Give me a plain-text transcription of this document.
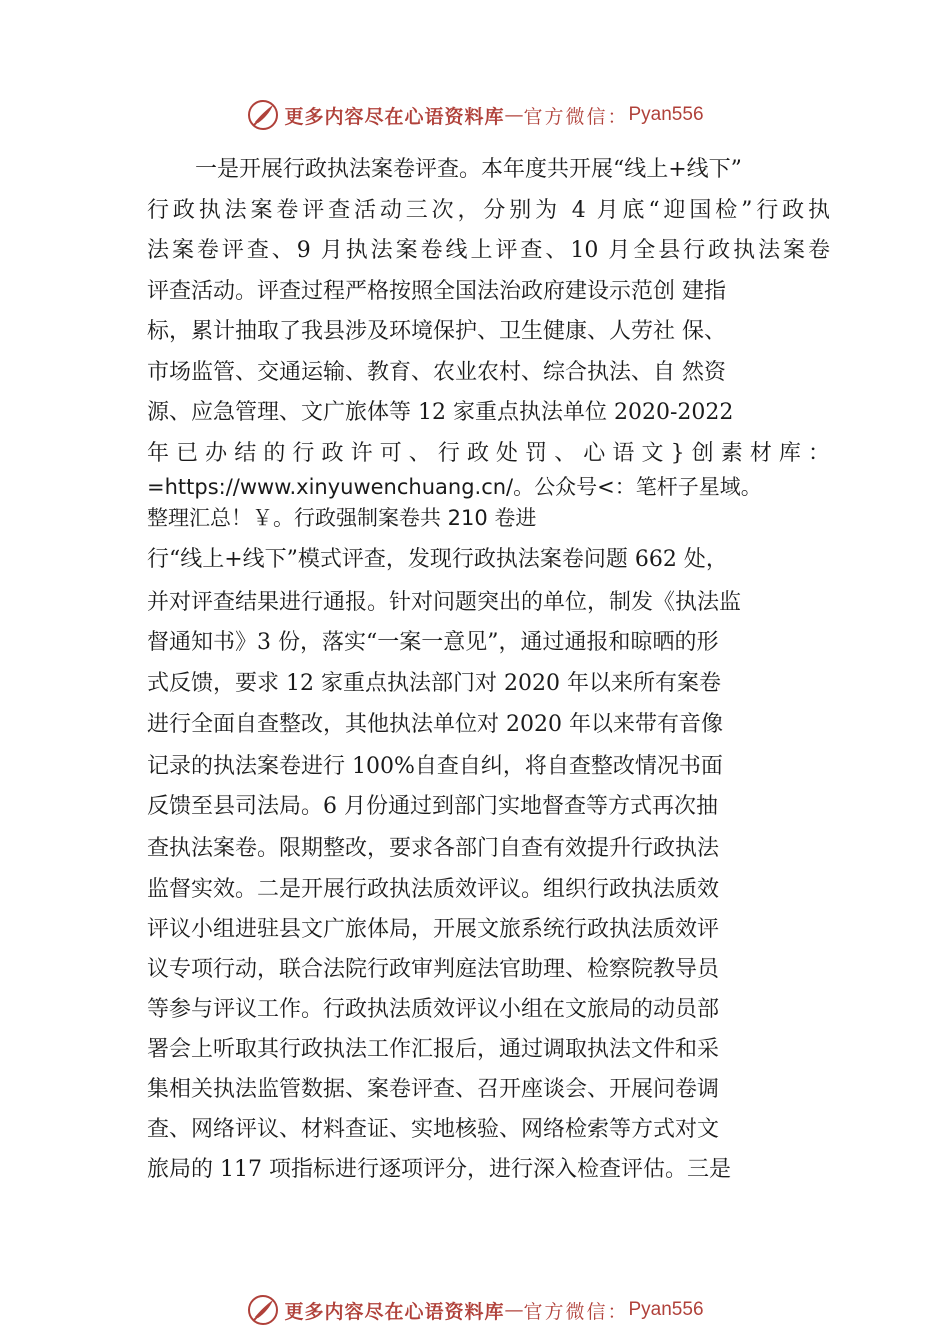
更多内容尽在心语资料库 — 官方微信： Pyan556
一是开展行政执法案卷评查。本年度共开展“线上+线下”
行政执法案卷评查活动三次，分别为 4 月底“迎国检”行政执
法案卷评查、9 月执法案卷线上评查、10 月全县行政执法案卷
评查活动。评查过程严格按照全国法治政府建设示范创 建指
标，累计抽取了我县涉及环境保护、卫生健康、人劳社 保、
市场监管、交通运输、教育、农业农村、综合执法、自 然资
源、应急管理、文广旅体等 12 家重点执法单位 2020-2022
年已办结的行政许可、行政处罚、心语文}创素材库：
=https://www.xinyuwenchuang.cn/。公众号<：笔杆子星域。
整理汇总！￥。行政强制案卷共 210 卷进
行“线上+线下”模式评查，发现行政执法案卷问题 662 处，
并对评查结果进行通报。针对问题突出的单位，制发《执法监
督通知书》3 份，落实“一案一意见”，通过通报和晾晒的形
式反馈，要求 12 家重点执法部门对 2020 年以来所有案卷
进行全面自查整改，其他执法单位对 2020 年以来带有音像
记录的执法案卷进行 100%自查自纠，将自查整改情况书面
反馈至县司法局。6 月份通过到部门实地督查等方式再次抽
查执法案卷。限期整改，要求各部门自查有效提升行政执法
监督实效。二是开展行政执法质效评议。组织行政执法质效
评议小组进驻县文广旅体局，开展文旅系统行政执法质效评
议专项行动，联合法院行政审判庭法官助理、检察院教导员
等参与评议工作。行政执法质效评议小组在文旅局的动员部
署会上听取其行政执法工作汇报后，通过调取执法文件和采
集相关执法监管数据、案卷评查、召开座谈会、开展问卷调
查、网络评议、材料查证、实地核验、网络检索等方式对文
旅局的 117 项指标进行逐项评分，进行深入检查评估。三是
更多内容尽在心语资料库 — 官方微信： Pyan556
